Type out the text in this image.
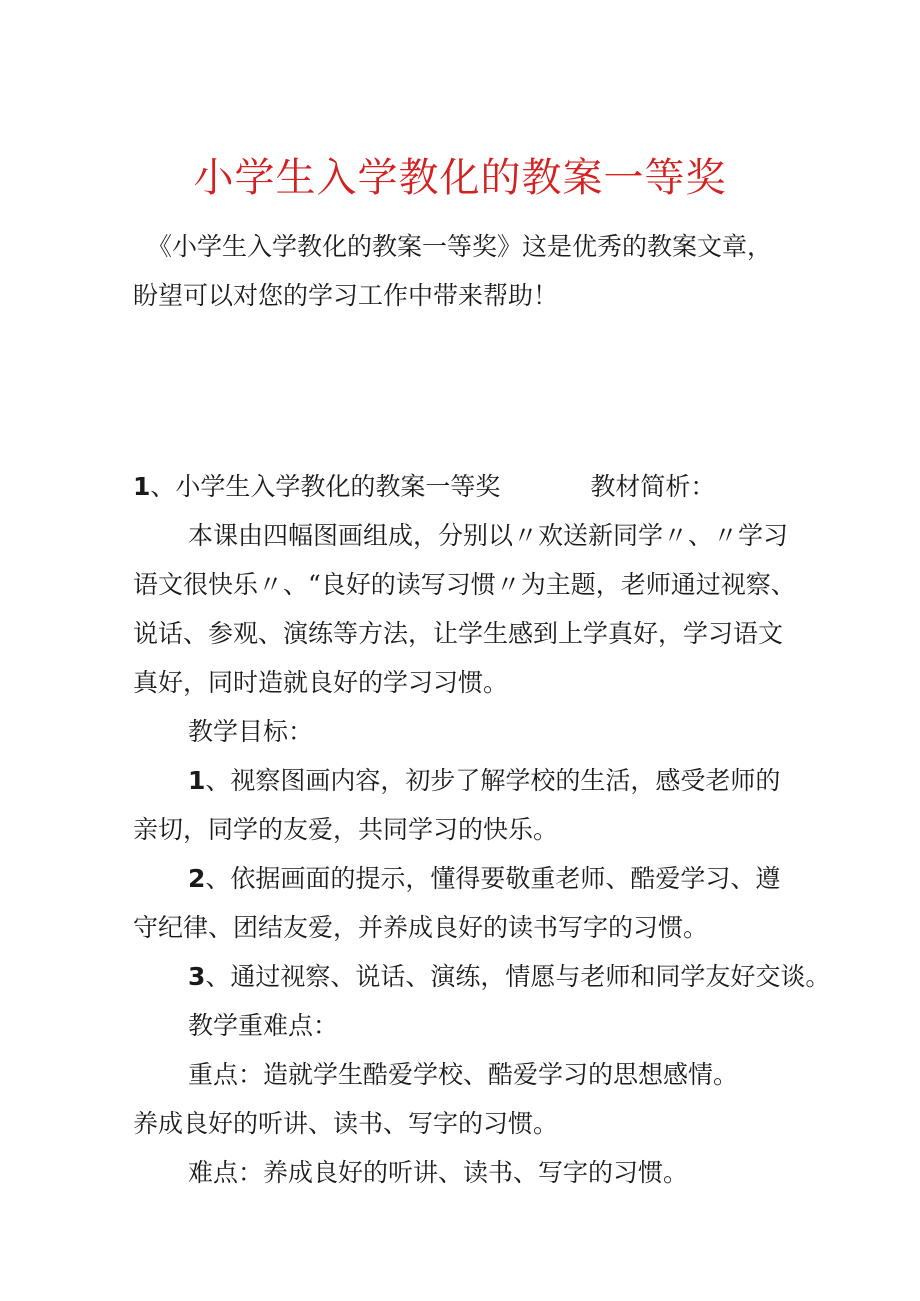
小学生入学教化的教案一等奖

《小学生入学教化的教案一等奖》这是优秀的教案文章，盼望可以对您的学习工作中带来帮助！

1、小学生入学教化的教案一等奖	教材简析：

本课由四幅图画组成，分别以〃欢送新同学〃、〃学习语文很快乐〃、“良好的读写习惯〃为主题，老师通过视察、说话、参观、演练等方法，让学生感到上学真好，学习语文真好，同时造就良好的学习习惯。

教学目标：

1、视察图画内容，初步了解学校的生活，感受老师的亲切，同学的友爱，共同学习的快乐。

2、依据画面的提示，懂得要敬重老师、酷爱学习、遵守纪律、团结友爱，并养成良好的读书写字的习惯。

3、通过视察、说话、演练，情愿与老师和同学友好交谈。

教学重难点：

重点：造就学生酷爱学校、酷爱学习的思想感情。

养成良好的听讲、读书、写字的习惯。

难点：养成良好的听讲、读书、写字的习惯。
